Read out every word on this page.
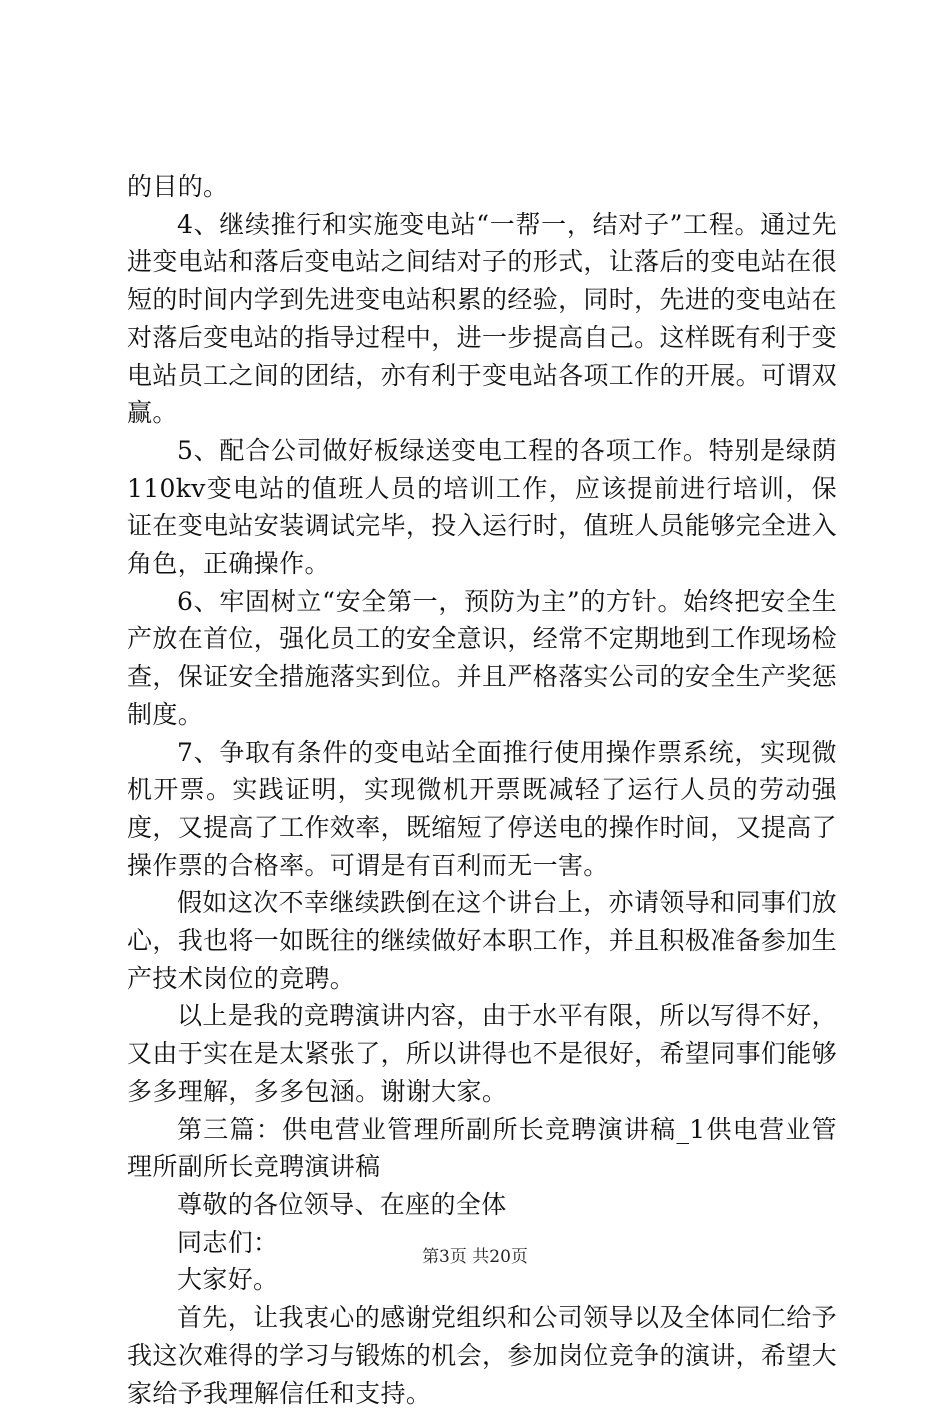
的目的。

4、继续推行和实施变电站“一帮一，结对子”工程。通过先进变电站和落后变电站之间结对子的形式，让落后的变电站在很短的时间内学到先进变电站积累的经验，同时，先进的变电站在对落后变电站的指导过程中，进一步提高自己。这样既有利于变电站员工之间的团结，亦有利于变电站各项工作的开展。可谓双赢。

5、配合公司做好板绿送变电工程的各项工作。特别是绿荫110kv变电站的值班人员的培训工作，应该提前进行培训，保证在变电站安装调试完毕，投入运行时，值班人员能够完全进入角色，正确操作。

6、牢固树立“安全第一，预防为主”的方针。始终把安全生产放在首位，强化员工的安全意识，经常不定期地到工作现场检查，保证安全措施落实到位。并且严格落实公司的安全生产奖惩制度。

7、争取有条件的变电站全面推行使用操作票系统，实现微机开票。实践证明，实现微机开票既减轻了运行人员的劳动强度，又提高了工作效率，既缩短了停送电的操作时间，又提高了操作票的合格率。可谓是有百利而无一害。

假如这次不幸继续跌倒在这个讲台上，亦请领导和同事们放心，我也将一如既往的继续做好本职工作，并且积极准备参加生产技术岗位的竞聘。

以上是我的竞聘演讲内容，由于水平有限，所以写得不好，又由于实在是太紧张了，所以讲得也不是很好，希望同事们能够多多理解，多多包涵。谢谢大家。

第三篇：供电营业管理所副所长竞聘演讲稿_1供电营业管理所副所长竞聘演讲稿

尊敬的各位领导、在座的全体

同志们：

大家好。

首先，让我衷心的感谢党组织和公司领导以及全体同仁给予我这次难得的学习与锻炼的机会，参加岗位竞争的演讲，希望大家给予我理解信任和支持。

第3页 共20页
